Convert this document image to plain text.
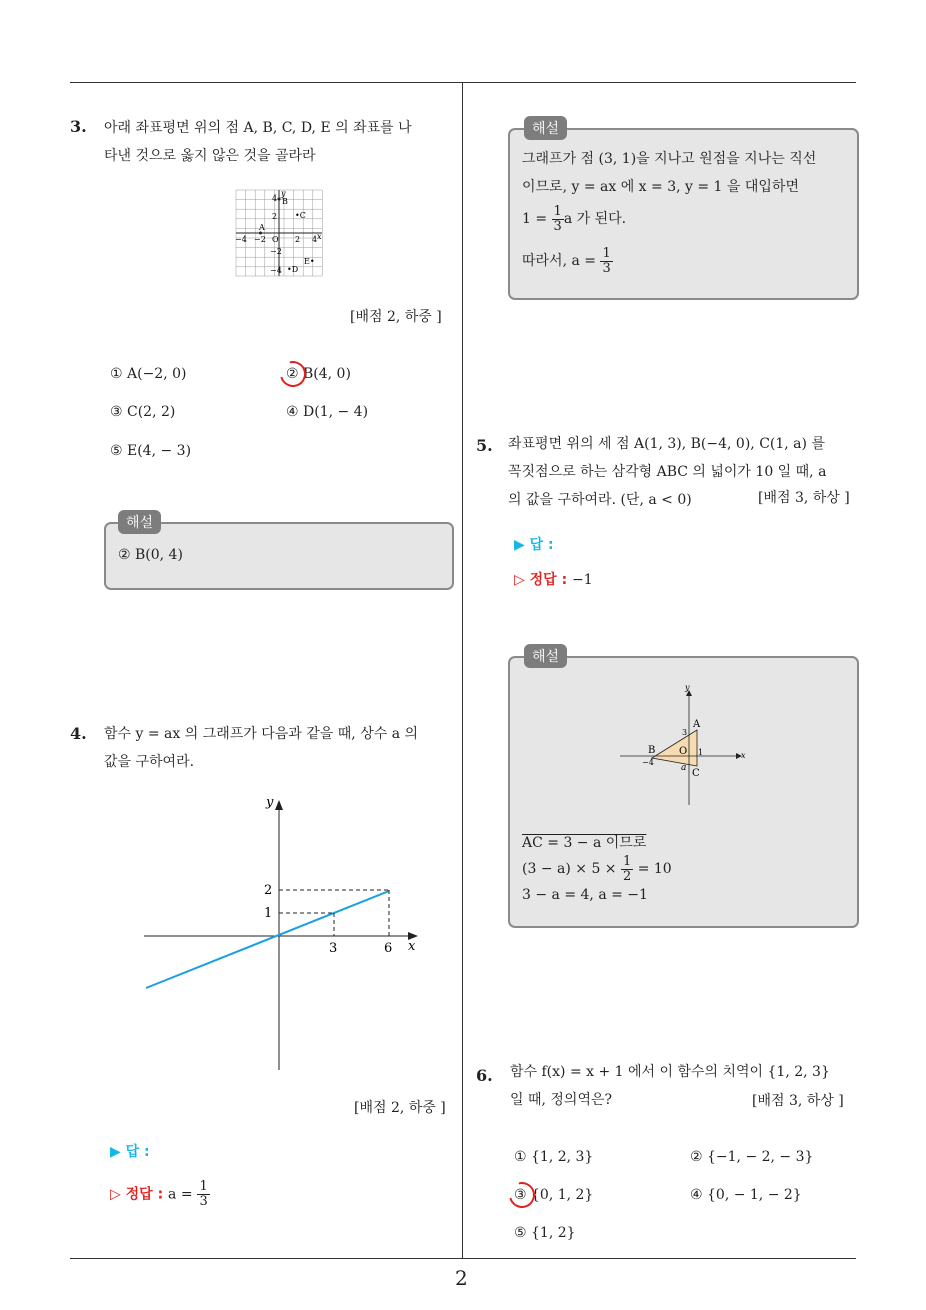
2
3. 아래 좌표평면 위의 점 A, B, C, D, E 의 좌표를 나
타낸 것으로 옳지 않은 것을 골라라
y
x
4
2
−2
−4
−4 −2 O 2 4
A
B
•C
•D
E•
[배점 2, 하중 ]
① A(−2, 0)	② B(4, 0)
③ C(2, 2)	④ D(1, − 4)
⑤ E(4, − 3)
해설
② B(0, 4)
4. 함수 y = ax 의 그래프가 다음과 같을 때, 상수 a 의
값을 구하여라.
y
x
2
1
3	6
[배점 2, 하중 ]
▶ 답 :
▷ 정답 : $a = \frac{1}{3}$
해설
그래프가 점 (3, 1)을 지나고 원점을 지나는 직선
이므로, y = ax 에 x = 3, y = 1 을 대입하면
$1 = \frac{1}{3}$ a 가 된다.
따라서, $a = \frac{1}{3}$
5. 좌표평면 위의 세 점 A(1, 3), B(−4, 0), C(1, a) 를
꼭짓점으로 하는 삼각형 ABC 의 넓이가 10 일 때, a
의 값을 구하여라. (단, a < 0)	[배점 3, 하상 ]
▶ 답 :
▷ 정답 : −1
해설
y
x
A
B
C
O
3
1
−4
a
AC = 3 − a 이므로
$(3 - a) \times 5 \times \frac{1}{2} = 10$
3 − a = 4, a = −1
6. 함수 f(x) = x + 1 에서 이 함수의 치역이 {1, 2, 3}
일 때, 정의역은?	[배점 3, 하상 ]
① {1, 2, 3}	② {−1, − 2, − 3}
③ {0, 1, 2}	④ {0, − 1, − 2}
⑤ {1, 2}
